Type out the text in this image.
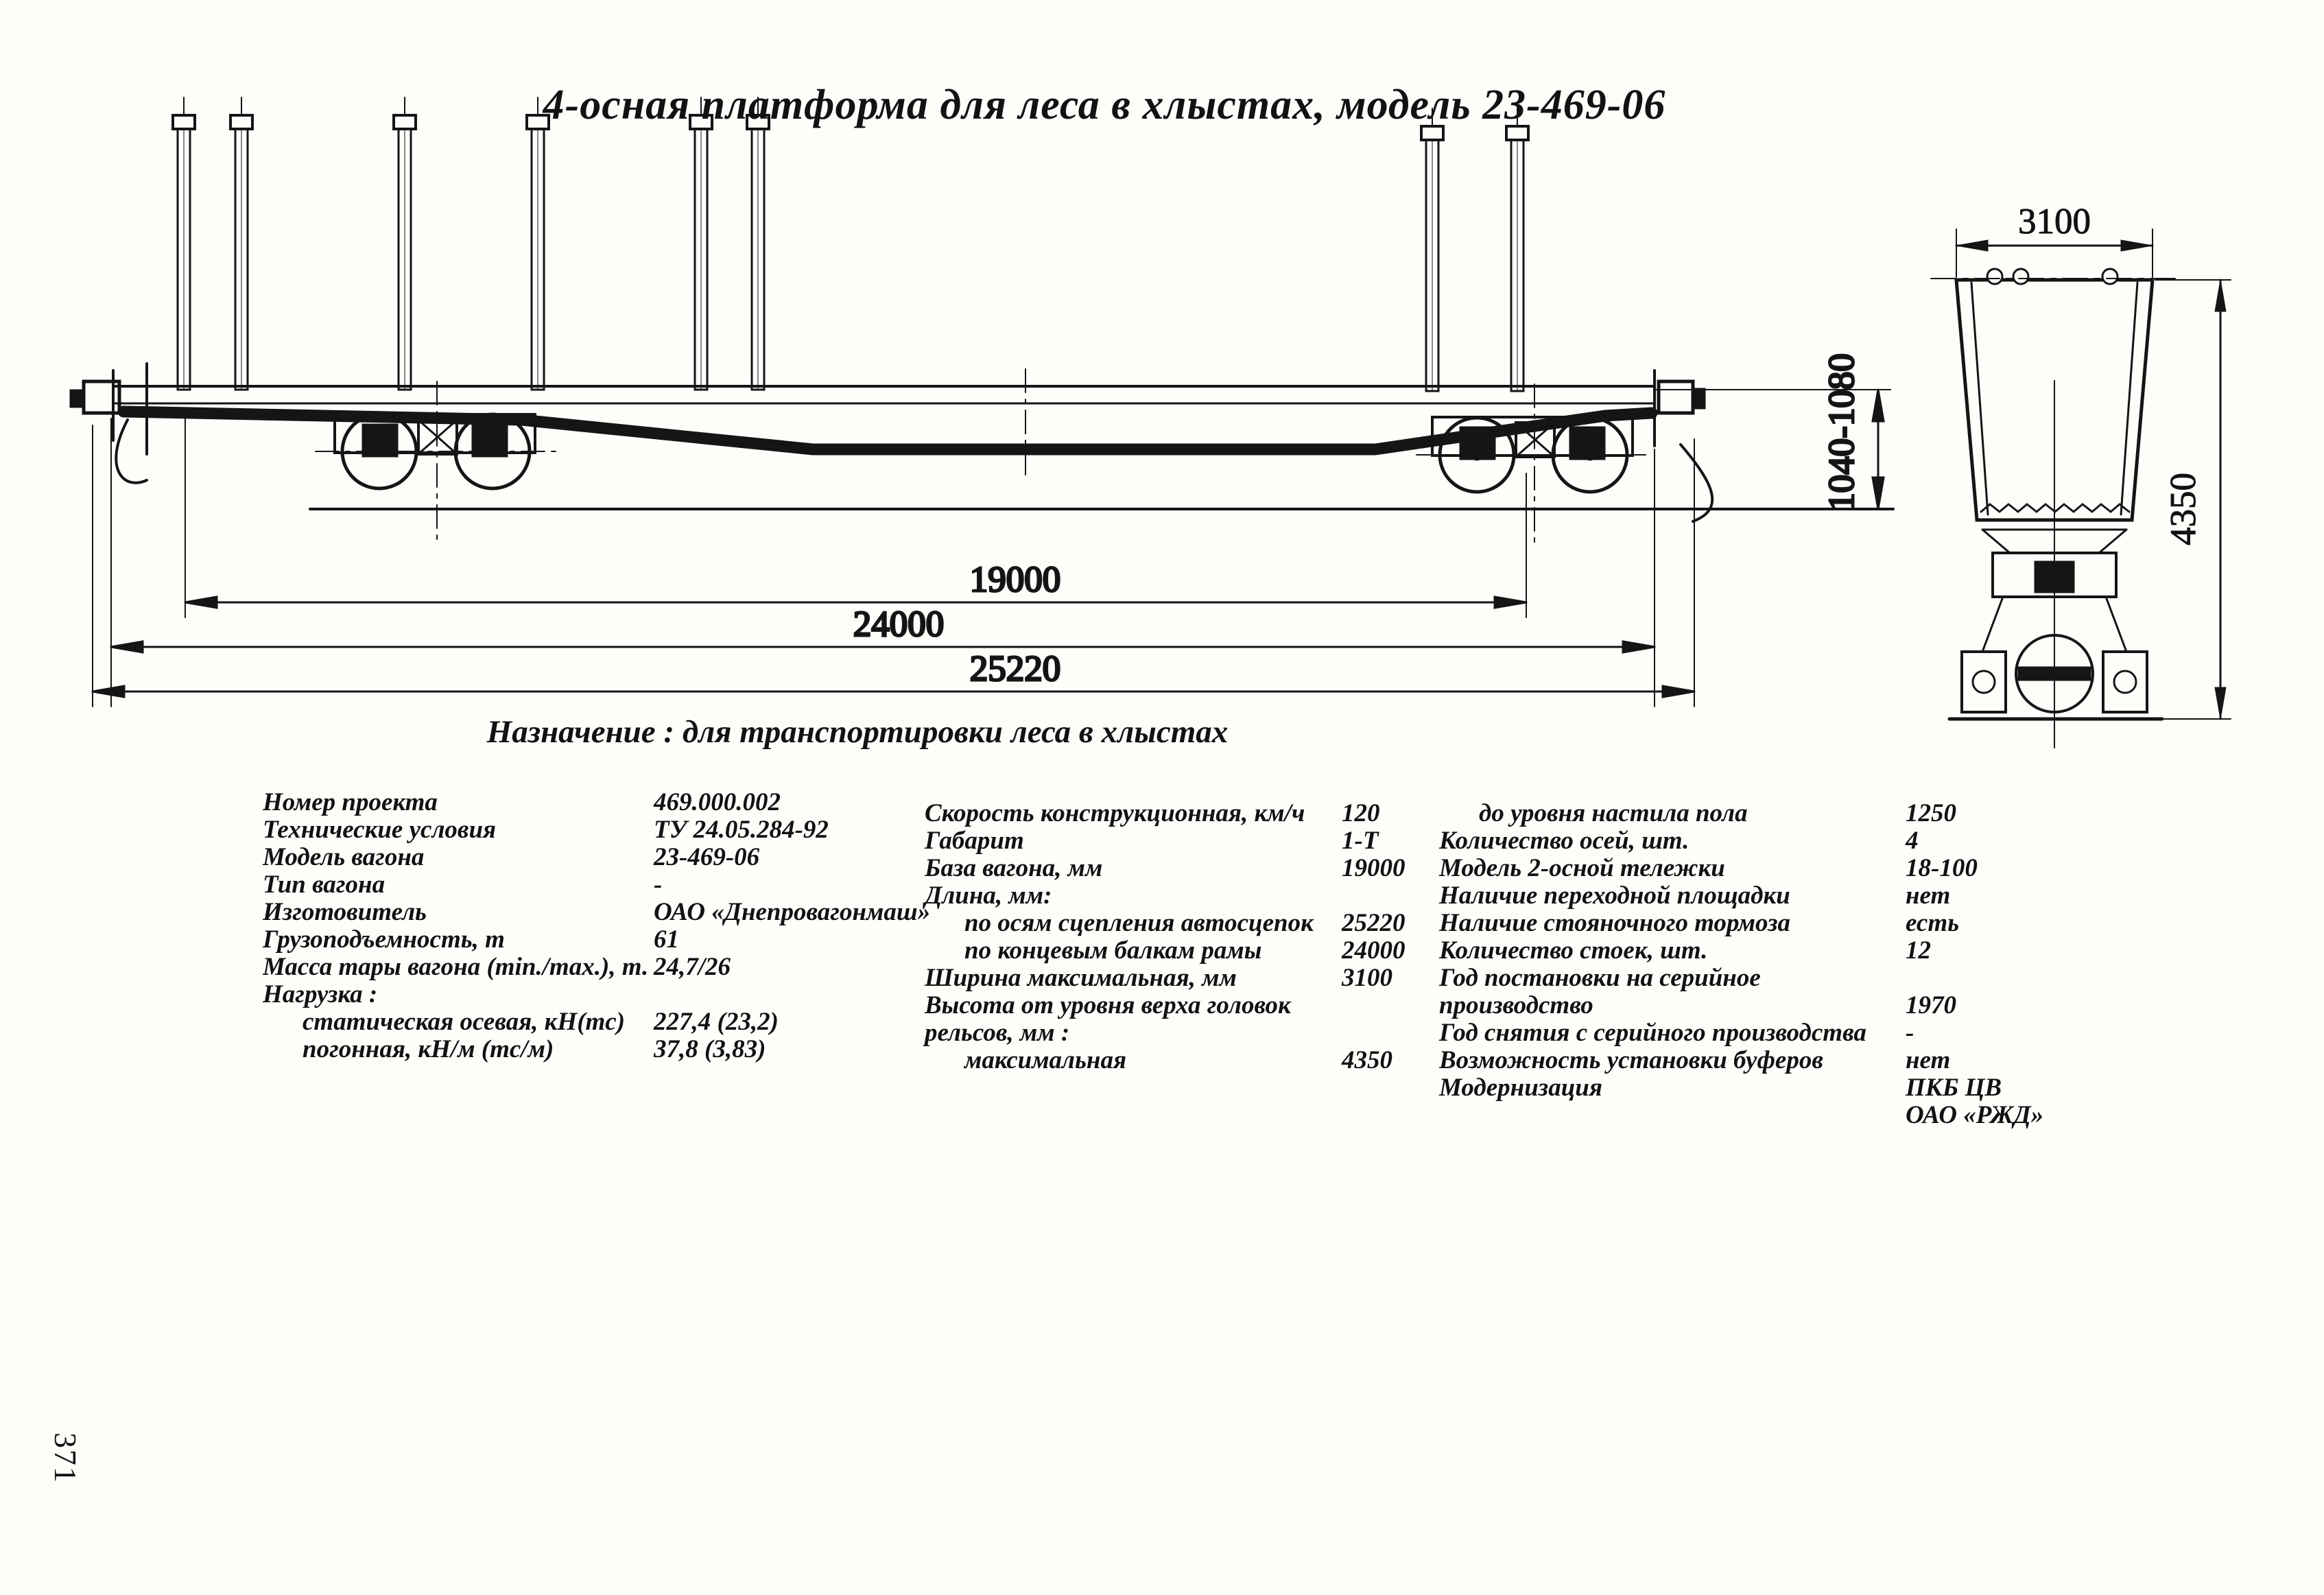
19000
24000
25220
1040-1080
3100
4350
4-осная платформа для леса в хлыстах, модель 23-469-06
Назначение : для транспортировки леса в хлыстах
Номер проекта	469.000.002
Технические условия	ТУ 24.05.284-92
Модель вагона	23-469-06
Тип вагона	-
Изготовитель	ОАО «Днепровагонмаш»
Грузоподъемность, т	61
Масса тары вагона (min./max.), т. 24,7/26
Нагрузка :
статическая осевая, кН(тс) 227,4 (23,2)
погонная, кН/м (тс/м)	37,8 (3,83)
Скорость конструкционная, км/ч 120
Габарит	1-Т
База вагона, мм	19000
Длина, мм:
по осям сцепления автосцепок 25220
по концевым балкам рамы	24000
Ширина максимальная, мм	3100
Высота от уровня верха головок
рельсов, мм :
максимальная	4350
до уровня настила пола	1250
Количество осей, шт.	4
Модель 2-осной тележки	18-100
Наличие переходной площадки	нет
Наличие стояночного тормоза	есть
Количество стоек, шт.	12
Год постановки на серийное
производство	1970
Год снятия с серийного производства -
Возможность установки буферов	нет
Модернизация	ПКБ ЦВ
ОАО «РЖД»
371
